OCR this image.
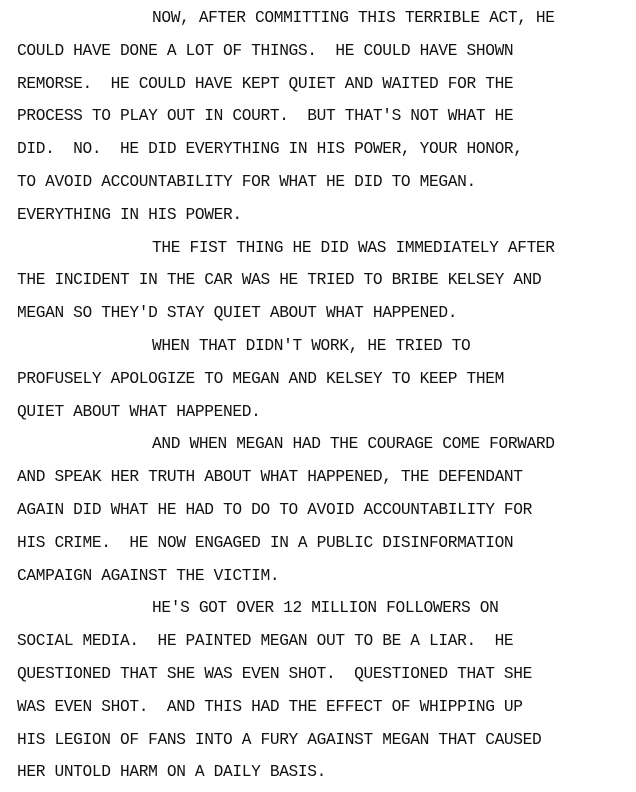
NOW, AFTER COMMITTING THIS TERRIBLE ACT, HE
COULD HAVE DONE A LOT OF THINGS.  HE COULD HAVE SHOWN
REMORSE.  HE COULD HAVE KEPT QUIET AND WAITED FOR THE
PROCESS TO PLAY OUT IN COURT.  BUT THAT'S NOT WHAT HE
DID.  NO.  HE DID EVERYTHING IN HIS POWER, YOUR HONOR,
TO AVOID ACCOUNTABILITY FOR WHAT HE DID TO MEGAN.
EVERYTHING IN HIS POWER.
THE FIST THING HE DID WAS IMMEDIATELY AFTER
THE INCIDENT IN THE CAR WAS HE TRIED TO BRIBE KELSEY AND
MEGAN SO THEY'D STAY QUIET ABOUT WHAT HAPPENED.
WHEN THAT DIDN'T WORK, HE TRIED TO
PROFUSELY APOLOGIZE TO MEGAN AND KELSEY TO KEEP THEM
QUIET ABOUT WHAT HAPPENED.
AND WHEN MEGAN HAD THE COURAGE COME FORWARD
AND SPEAK HER TRUTH ABOUT WHAT HAPPENED, THE DEFENDANT
AGAIN DID WHAT HE HAD TO DO TO AVOID ACCOUNTABILITY FOR
HIS CRIME.  HE NOW ENGAGED IN A PUBLIC DISINFORMATION
CAMPAIGN AGAINST THE VICTIM.
HE'S GOT OVER 12 MILLION FOLLOWERS ON
SOCIAL MEDIA.  HE PAINTED MEGAN OUT TO BE A LIAR.  HE
QUESTIONED THAT SHE WAS EVEN SHOT.  QUESTIONED THAT SHE
WAS EVEN SHOT.  AND THIS HAD THE EFFECT OF WHIPPING UP
HIS LEGION OF FANS INTO A FURY AGAINST MEGAN THAT CAUSED
HER UNTOLD HARM ON A DAILY BASIS.
